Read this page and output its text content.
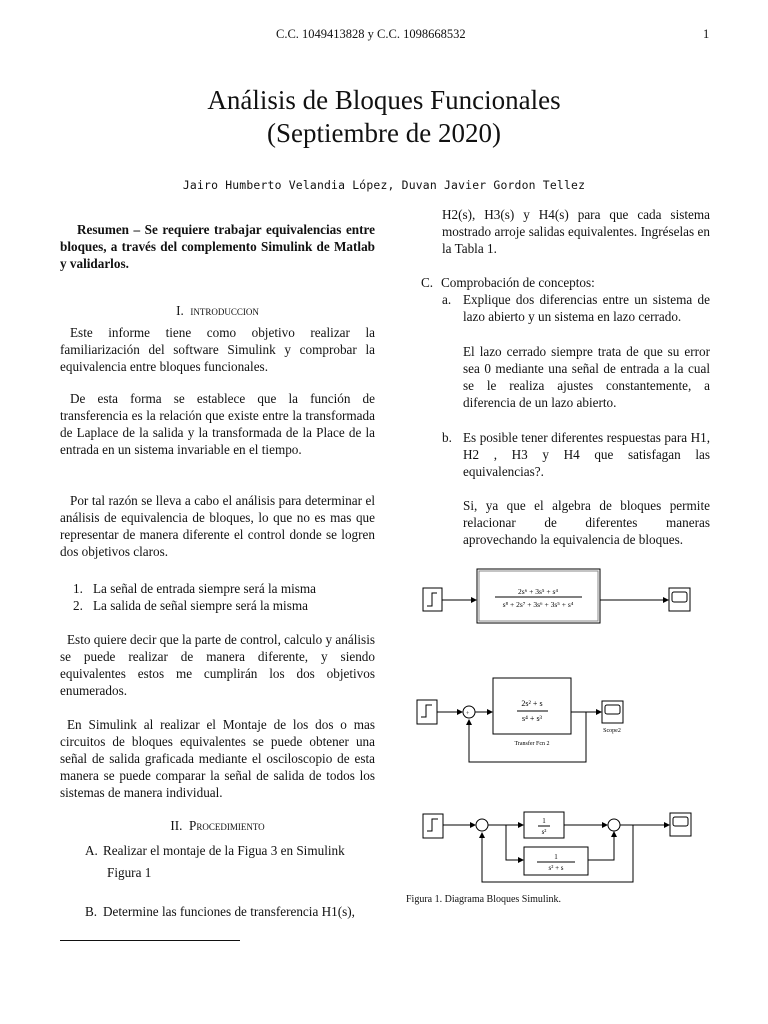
C.C. 1049413828 y C.C. 1098668532	1
Análisis de Bloques Funcionales
(Septiembre de 2020)
Jairo Humberto Velandia López, Duvan Javier Gordon Tellez
Resumen – Se requiere trabajar equivalencias entre bloques, a través del complemento Simulink de Matlab y validarlos.
I. introduccion
Este informe tiene como objetivo realizar la familiarización del software Simulink y comprobar la equivalencia entre bloques funcionales.
De esta forma se establece que la función de transferencia es la relación que existe entre la transformada de Laplace de la salida y la transformada de la Place de la entrada en un sistema invariable en el tiempo.
Por tal razón se lleva a cabo el análisis para determinar el análisis de equivalencia de bloques, lo que no es mas que representar de manera diferente el control donde se logren dos objetivos claros.
1. La señal de entrada siempre será la misma
2. La salida de señal siempre será la misma
Esto quiere decir que la parte de control, calculo y análisis se puede realizar de manera diferente, y siendo equivalentes estos me cumplirán los dos objetivos enumerados.
En Simulink al realizar el Montaje de los dos o mas circuitos de bloques equivalentes se puede obtener una señal de salida graficada mediante el osciloscopio de esta manera se puede comparar la señal de salida de todos los sistemas de manera individual.
II. Procedimiento
A. Realizar el montaje de la Figua 3 en Simulink
Figura 1
B. Determine las funciones de transferencia H1(s),
H2(s), H3(s) y H4(s) para que cada sistema mostrado arroje salidas equivalentes. Ingréselas en la Tabla 1.
C. Comprobación de conceptos:
a. Explique dos diferencias entre un sistema de lazo abierto y un sistema en lazo cerrado.
El lazo cerrado siempre trata de que su error sea 0 mediante una señal de entrada a la cual se le realiza ajustes constantemente, a diferencia de un lazo abierto.
b. Es posible tener diferentes respuestas para H1, H2 , H3 y H4 que satisfagan las equivalencias?.
Si, ya que el algebra de bloques permite relacionar de diferentes maneras aprovechando la equivalencia de bloques.
2s⁶ + 3s⁵ + s⁴
s⁸ + 2s⁷ + 3s⁶ + 3s⁵ + s⁴
+
2s² + s
s⁴ + s³
Transfer Fcn 2
Scope2
1
s²
1
s² + s
Figura 1. Diagrama Bloques Simulink.
